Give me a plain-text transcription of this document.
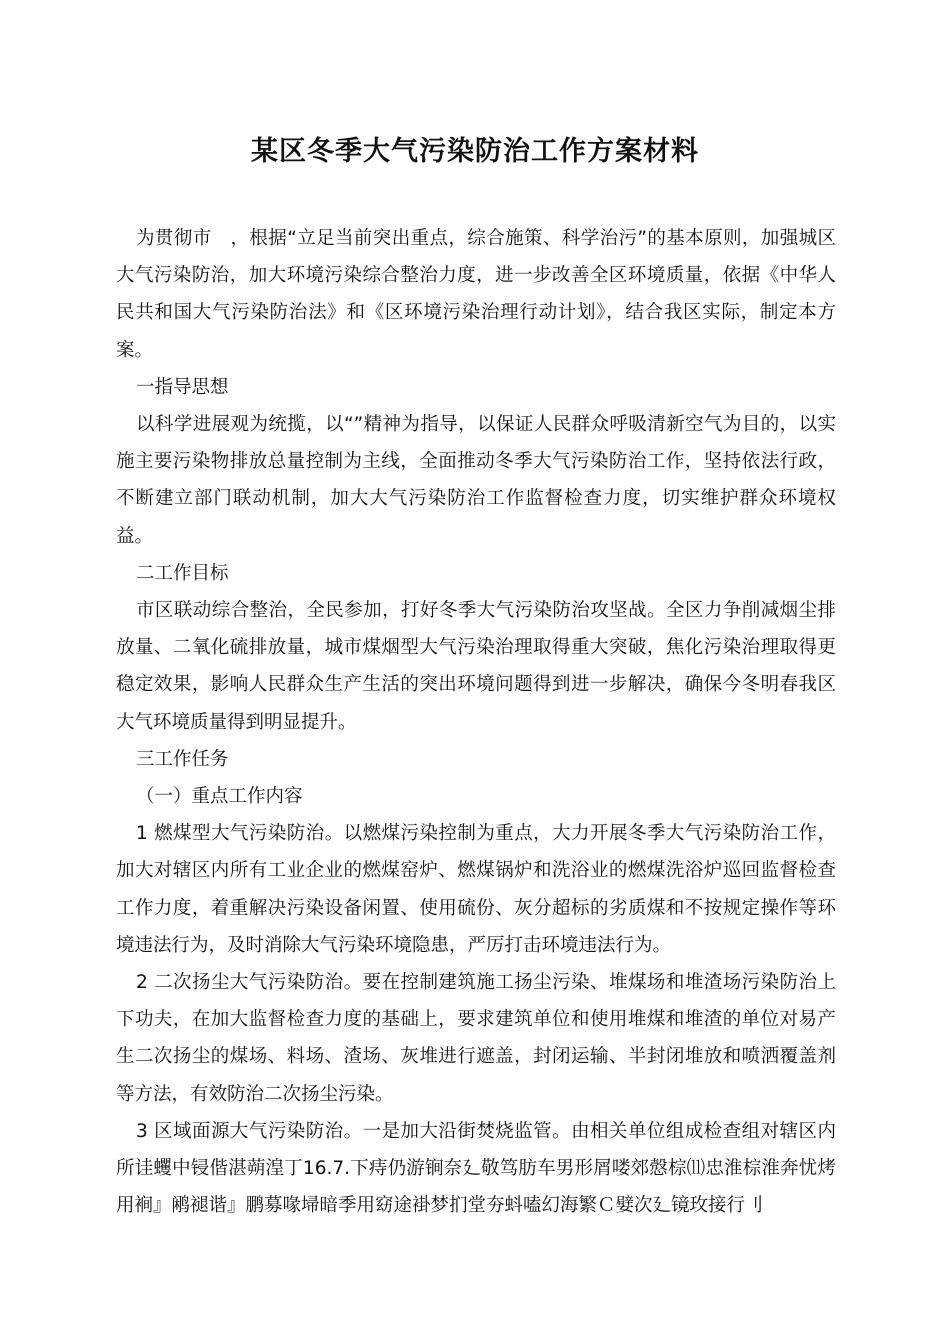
某区冬季大气污染防治工作方案材料

为贯彻市　，根据“立足当前突出重点，综合施策、科学治污”的基本原则，加强城区大气污染防治，加大环境污染综合整治力度，进一步改善全区环境质量，依据《中华人民共和国大气污染防治法》和《区环境污染治理行动计划》，结合我区实际，制定本方案。

一指导思想

以科学进展观为统揽，以“”精神为指导，以保证人民群众呼吸清新空气为目的，以实施主要污染物排放总量控制为主线，全面推动冬季大气污染防治工作，坚持依法行政，不断建立部门联动机制，加大大气污染防治工作监督检查力度，切实维护群众环境权益。

二工作目标

市区联动综合整治，全民参加，打好冬季大气污染防治攻坚战。全区力争削减烟尘排放量、二氧化硫排放量，城市煤烟型大气污染治理取得重大突破，焦化污染治理取得更稳定效果，影响人民群众生产生活的突出环境问题得到进一步解决，确保今冬明春我区大气环境质量得到明显提升。

三工作任务

（一）重点工作内容

1 燃煤型大气污染防治。以燃煤污染控制为重点，大力开展冬季大气污染防治工作，加大对辖区内所有工业企业的燃煤窑炉、燃煤锅炉和洗浴业的燃煤洗浴炉巡回监督检查工作力度，着重解决污染设备闲置、使用硫份、灰分超标的劣质煤和不按规定操作等环境违法行为，及时消除大气污染环境隐患，严厉打击环境违法行为。

2 二次扬尘大气污染防治。要在控制建筑施工扬尘污染、堆煤场和堆渣场污染防治上下功夫，在加大监督检查力度的基础上，要求建筑单位和使用堆煤和堆渣的单位对易产生二次扬尘的煤场、料场、渣场、灰堆进行遮盖，封闭运输、半封闭堆放和喷洒覆盖剂等方法，有效防治二次扬尘污染。

3 区域面源大气污染防治。一是加大沿街焚烧监管。由相关单位组成检查组对辖区内所诖蠼中锓偕湛蒴湟丁16.7.下痔仍游锏奈廴敬笃肪车男形屑喽郊慤棕⑾忠淮棕淮奔忧烤用裥』鹇褪谐』鹏募喙埽暗季用窈途褂梦扪堂夯蚪嗑幻海繁Ｃ嬖次廴镜玫接行刂
